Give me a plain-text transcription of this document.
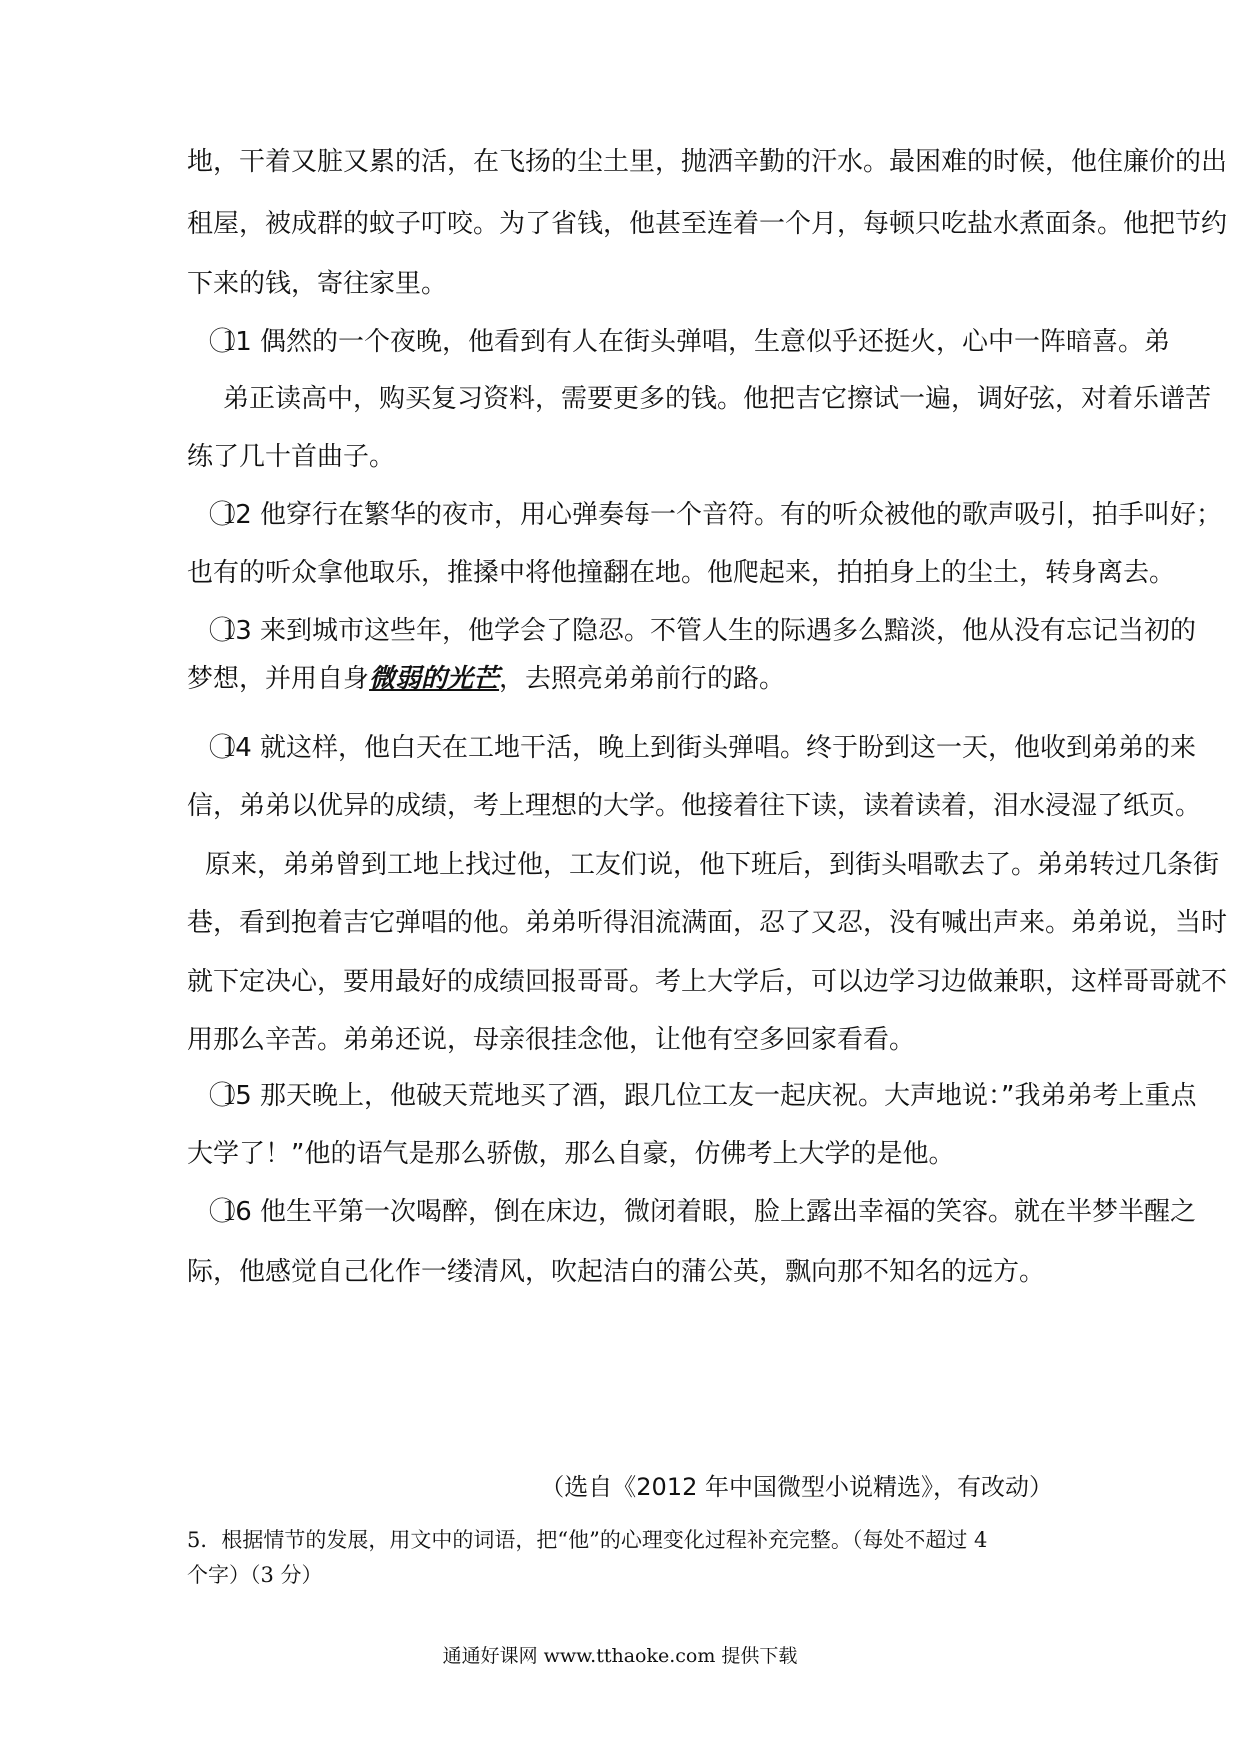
地，干着又脏又累的活，在飞扬的尘土里，抛洒辛勤的汗水。最困难的时候，他住廉价的出

租屋，被成群的蚊子叮咬。为了省钱，他甚至连着一个月，每顿只吃盐水煮面条。他把节约

下来的钱，寄往家里。

1⃝1 偶然的一个夜晚，他看到有人在街头弹唱，生意似乎还挺火，心中一阵暗喜。弟

弟正读高中，购买复习资料，需要更多的钱。他把吉它擦试一遍，调好弦，对着乐谱苦

练了几十首曲子。

1⃝2 他穿行在繁华的夜市，用心弹奏每一个音符。有的听众被他的歌声吸引，拍手叫好；

也有的听众拿他取乐，推搡中将他撞翻在地。他爬起来，拍拍身上的尘土，转身离去。

1⃝3 来到城市这些年，他学会了隐忍。不管人生的际遇多么黯淡，他从没有忘记当初的

梦想，并用自身微弱的光芒，去照亮弟弟前行的路。

1⃝4 就这样，他白天在工地干活，晚上到街头弹唱。终于盼到这一天，他收到弟弟的来

信，弟弟以优异的成绩，考上理想的大学。他接着往下读，读着读着，泪水浸湿了纸页。

原来，弟弟曾到工地上找过他，工友们说，他下班后，到街头唱歌去了。弟弟转过几条街

巷，看到抱着吉它弹唱的他。弟弟听得泪流满面，忍了又忍，没有喊出声来。弟弟说，当时

就下定决心，要用最好的成绩回报哥哥。考上大学后，可以边学习边做兼职，这样哥哥就不

用那么辛苦。弟弟还说，母亲很挂念他，让他有空多回家看看。

1⃝5 那天晚上，他破天荒地买了酒，跟几位工友一起庆祝。大声地说：”我弟弟考上重点

大学了！”他的语气是那么骄傲，那么自豪，仿佛考上大学的是他。

1⃝6 他生平第一次喝醉，倒在床边，微闭着眼，脸上露出幸福的笑容。就在半梦半醒之

际，他感觉自己化作一缕清风，吹起洁白的蒲公英，飘向那不知名的远方。

（选自《2012 年中国微型小说精选》，有改动）
5．根据情节的发展，用文中的词语，把“他”的心理变化过程补充完整。（每处不超过 4
个字）（3 分）
通通好课网 www.tthaoke.com 提供下载
